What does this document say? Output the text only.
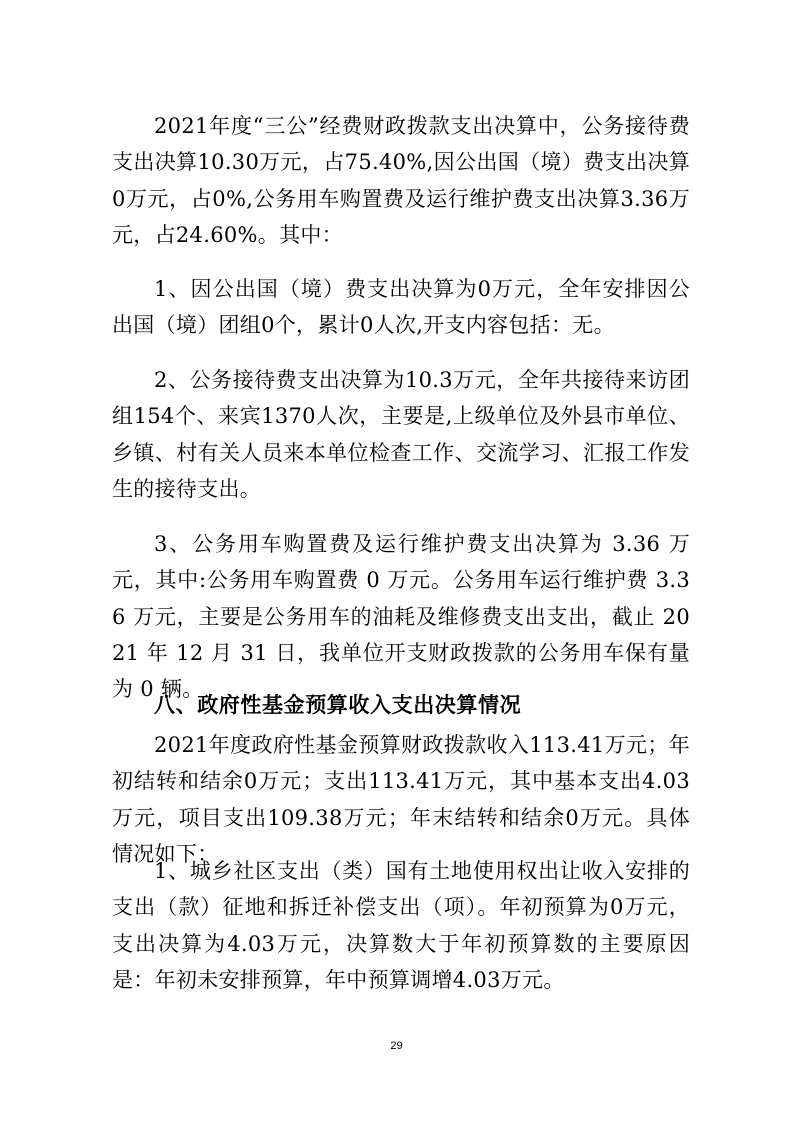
2021年度“三公”经费财政拨款支出决算中，公务接待费支出决算10.30万元，占75.40%,因公出国（境）费支出决算0万元，占0%,公务用车购置费及运行维护费支出决算3.36万元，占24.60%。其中：

1、因公出国（境）费支出决算为0万元，全年安排因公出国（境）团组0个，累计0人次,开支内容包括：无。

2、公务接待费支出决算为10.3万元，全年共接待来访团组154个、来宾1370人次，主要是,上级单位及外县市单位、乡镇、村有关人员来本单位检查工作、交流学习、汇报工作发生的接待支出。

3、公务用车购置费及运行维护费支出决算为 3.36 万元，其中:公务用车购置费 0 万元。公务用车运行维护费 3.36 万元，主要是公务用车的油耗及维修费支出支出，截止 2021 年 12 月 31 日，我单位开支财政拨款的公务用车保有量为 0 辆。

八、政府性基金预算收入支出决算情况

2021年度政府性基金预算财政拨款收入113.41万元；年初结转和结余0万元；支出113.41万元，其中基本支出4.03万元，项目支出109.38万元；年末结转和结余0万元。具体情况如下：

1、城乡社区支出（类）国有土地使用权出让收入安排的支出（款）征地和拆迁补偿支出（项）。年初预算为0万元，支出决算为4.03万元，决算数大于年初预算数的主要原因是：年初未安排预算，年中预算调增4.03万元。

29
